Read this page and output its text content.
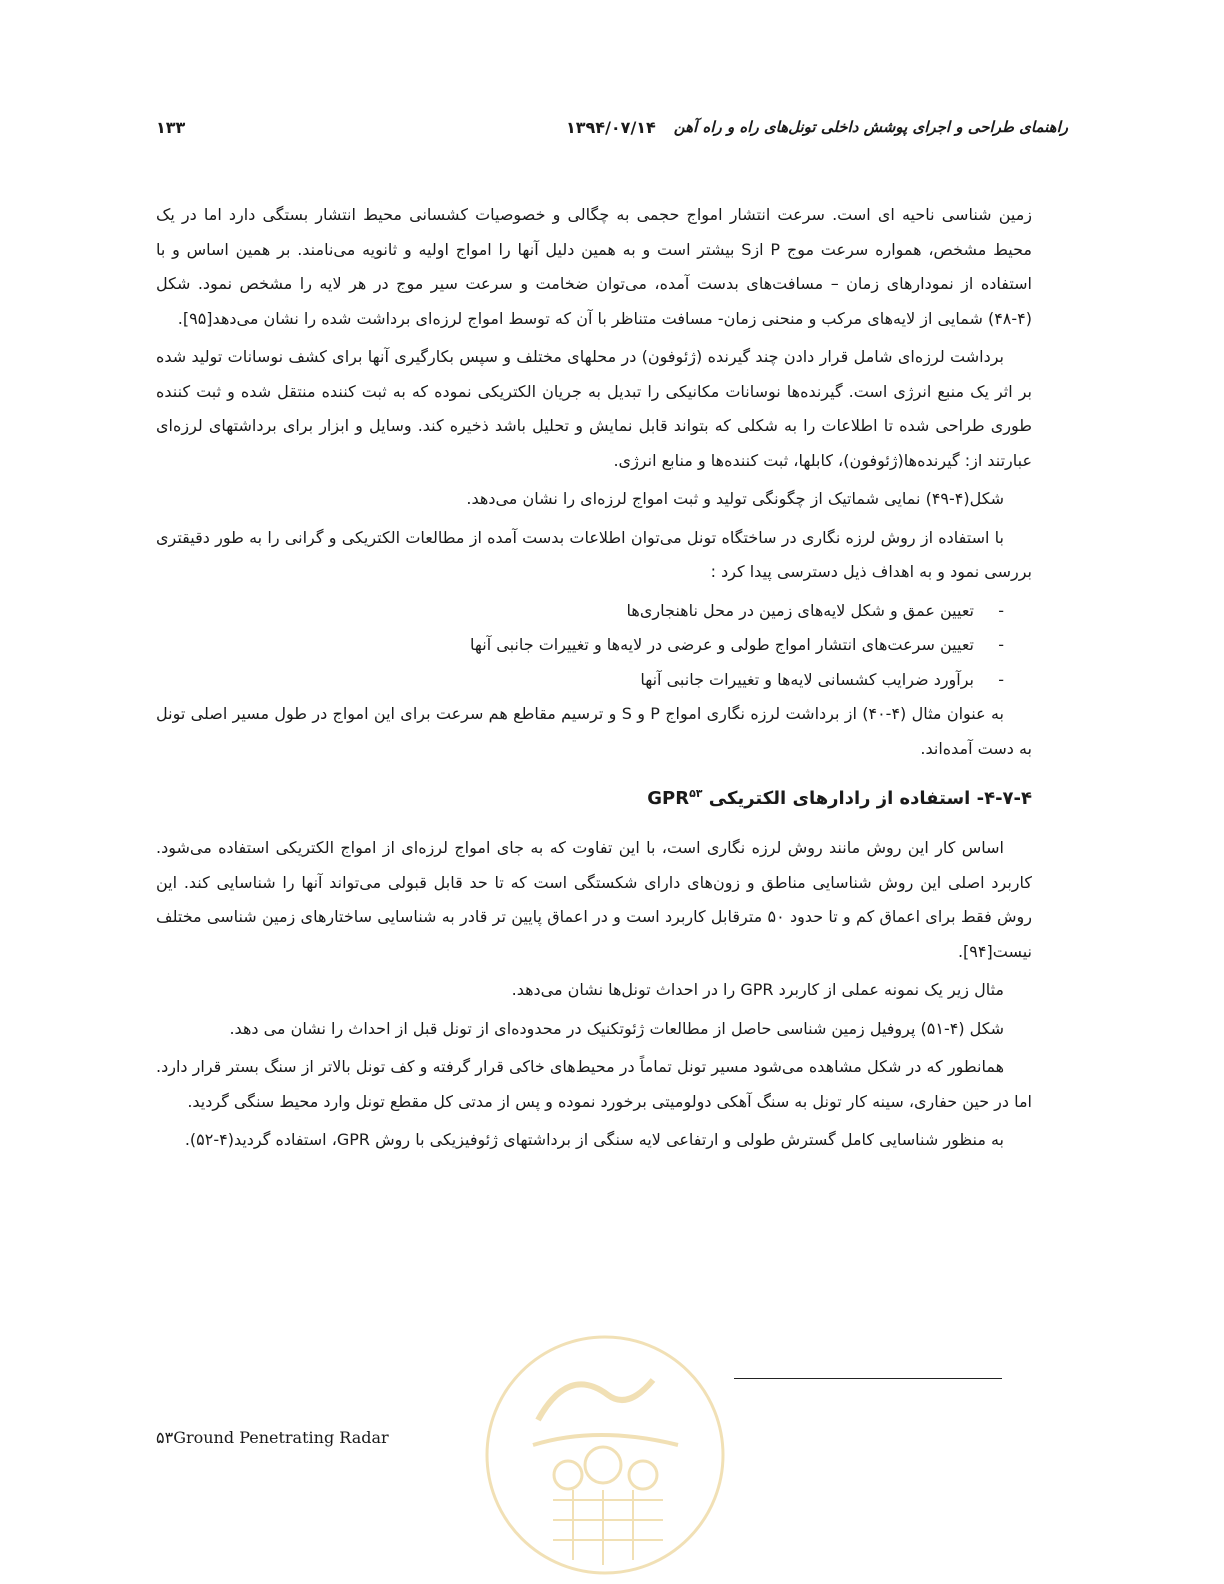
راهنمای طراحی و اجرای پوشش داخلی تونل‌های راه و راه آهن
۱۳۹۴/۰۷/۱۴
۱۳۳

زمین شناسی ناحیه ای است. سرعت انتشار امواج حجمی به چگالی و خصوصیات کشسانی محیط انتشار بستگی دارد اما در یک محیط مشخص، همواره سرعت موج P ازS بیشتر است و به همین دلیل آنها را امواج اولیه و ثانویه می‌نامند. بر همین اساس و با استفاده از نمودارهای زمان – مسافت‌های بدست آمده، می‌توان ضخامت و سرعت سیر موج در هر لایه را مشخص نمود. شکل (۴-۴۸) شمایی از لایه‌های مرکب و منحنی زمان- مسافت متناظر با آن که توسط امواج لرزه‌ای برداشت شده را نشان می‌دهد[۹۵].

برداشت لرزه‌ای شامل قرار دادن چند گیرنده (ژئوفون) در محلهای مختلف و سپس بکارگیری آنها برای کشف نوسانات تولید شده بر اثر یک منبع انرژی است. گیرنده‌ها نوسانات مکانیکی را تبدیل به جریان الکتریکی نموده که به ثبت کننده منتقل شده و ثبت کننده طوری طراحی شده تا اطلاعات را به شکلی که بتواند قابل نمایش و تحلیل باشد ذخیره کند. وسایل و ابزار برای برداشتهای لرزه‌ای عبارتند از: گیرنده‌ها(ژئوفون)، کابلها، ثبت کننده‌ها و منابع انرژی.

شکل(۴-۴۹) نمایی شماتیک از چگونگی تولید و ثبت امواج لرزه‌ای را نشان می‌دهد.

با استفاده از روش لرزه نگاری در ساختگاه تونل می‌توان اطلاعات بدست آمده از مطالعات الکتریکی و گرانی را به طور دقیقتری بررسی نمود و به اهداف ذیل دسترسی پیدا کرد :

-
تعیین عمق و شکل لایه‌های زمین در محل ناهنجاری‌ها
-
تعیین سرعت‌های انتشار امواج طولی و عرضی در لایه‌ها و تغییرات جانبی آنها
-
برآورد ضرایب کشسانی لایه‌ها و تغییرات جانبی آنها

به عنوان مثال (۴-۴۰) از برداشت لرزه نگاری امواج P و S و ترسیم مقاطع هم سرعت برای این امواج در طول مسیر اصلی تونل به دست آمده‌اند.

۴-۷-۴- استفاده از رادارهای الکتریکی GPR$^{۵۳}$

اساس کار این روش مانند روش لرزه نگاری است، با این تفاوت که به جای امواج لرزه‌ای از امواج الکتریکی استفاده می‌شود. کاربرد اصلی این روش شناسایی مناطق و زون‌های دارای شکستگی است که تا حد قابل قبولی می‌تواند آنها را شناسایی کند. این روش فقط برای اعماق کم و تا حدود ۵۰ مترقابل کاربرد است و در اعماق پایین تر قادر به شناسایی ساختارهای زمین شناسی مختلف نیست[۹۴].

مثال زیر یک نمونه عملی از کاربرد GPR را در احداث تونل‌ها نشان می‌دهد.

شکل (۴-۵۱) پروفیل زمین شناسی حاصل از مطالعات ژئوتکنیک در محدوده‌ای از تونل قبل از احداث را نشان می دهد.

همانطور که در شکل مشاهده می‌شود مسیر تونل تماماً در محیط‌های خاکی قرار گرفته و کف تونل بالاتر از سنگ بستر قرار دارد. اما در حین حفاری، سینه کار تونل به سنگ آهکی دولومیتی برخورد نموده و پس از مدتی کل مقطع تونل وارد محیط سنگی گردید.

به منظور شناسایی کامل گسترش طولی و ارتفاعی لایه سنگی از برداشتهای ژئوفیزیکی با روش GPR، استفاده گردید(۴-۵۲).

۵۳Ground Penetrating Radar
